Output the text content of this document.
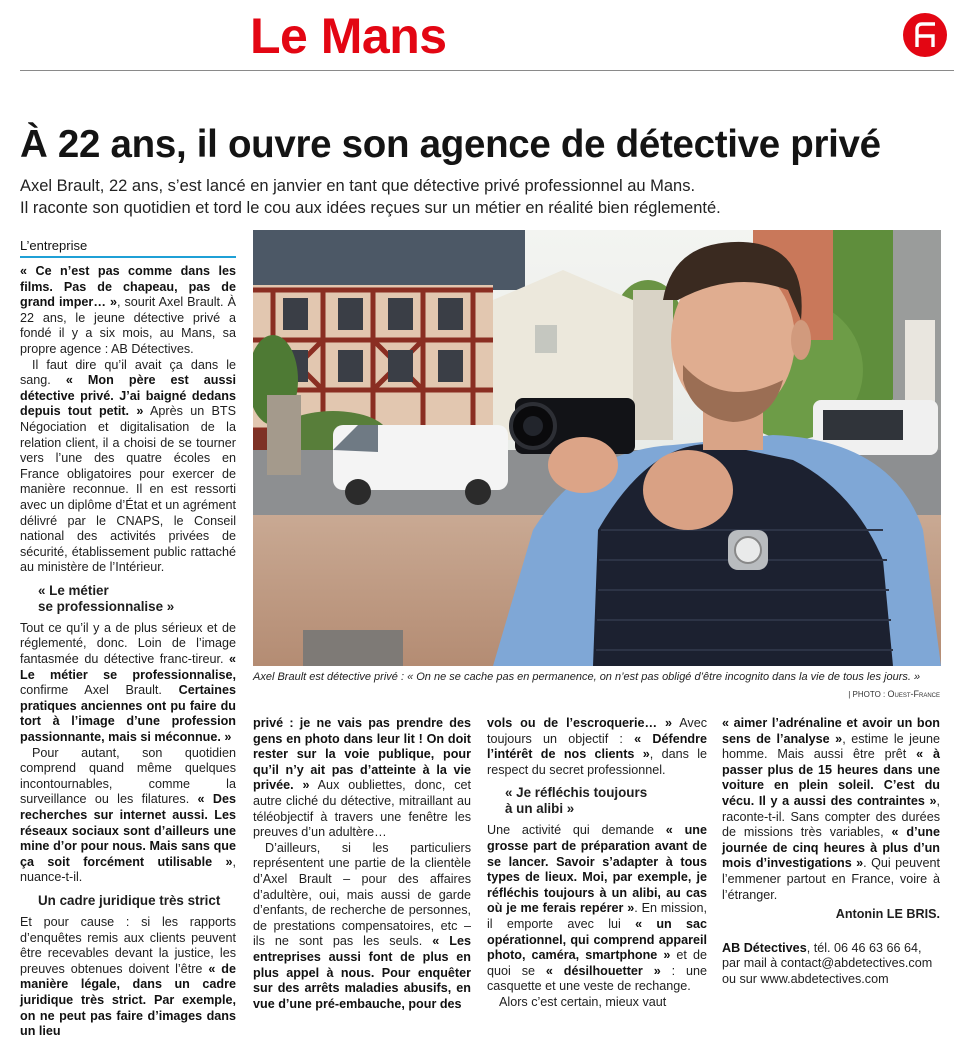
Le Mans
À 22 ans, il ouvre son agence de détective privé
Axel Brault, 22 ans, s’est lancé en janvier en tant que détective privé professionnel au Mans.
Il raconte son quotidien et tord le cou aux idées reçues sur un métier en réalité bien réglementé.
L’entreprise

« Ce n’est pas comme dans les films. Pas de chapeau, pas de grand imper… », sourit Axel Brault. À 22 ans, le jeune détective privé a fondé il y a six mois, au Mans, sa propre agence : AB Détectives.

Il faut dire qu’il avait ça dans le sang. « Mon père est aussi détective privé. J’ai baigné dedans depuis tout petit. » Après un BTS Négociation et digitalisation de la relation client, il a choisi de se tourner vers l’une des quatre écoles en France obligatoires pour exercer de manière reconnue. Il en est ressorti avec un diplôme d’État et un agrément délivré par le CNAPS, le Conseil national des activités privées de sécurité, établissement public rattaché au ministère de l’Intérieur.

« Le métier
se professionnalise »

Tout ce qu’il y a de plus sérieux et de réglementé, donc. Loin de l’image fantasmée du détective franc-tireur. « Le métier se professionnalise, confirme Axel Brault. Certaines pratiques anciennes ont pu faire du tort à l’image d’une profession passionnante, mais si méconnue. »

Pour autant, son quotidien comprend quand même quelques incontournables, comme la surveillance ou les filatures. « Des recherches sur internet aussi. Les réseaux sociaux sont d’ailleurs une mine d’or pour nous. Mais sans que ça soit forcément utilisable », nuance-t-il.

Un cadre juridique très strict

Et pour cause : si les rapports d’enquêtes remis aux clients peuvent être recevables devant la justice, les preuves obtenues doivent l’être « de manière légale, dans un cadre juridique très strict. Par exemple, on ne peut pas faire d’images dans un lieu

Axel Brault est détective privé : « On ne se cache pas en permanence, on n’est pas obligé d’être incognito dans la vie de tous les jours. »
| PHOTO : Ouest-France

privé : je ne vais pas prendre des gens en photo dans leur lit ! On doit rester sur la voie publique, pour qu’il n’y ait pas d’atteinte à la vie privée. » Aux oubliettes, donc, cet autre cliché du détective, mitraillant au téléobjectif à travers une fenêtre les preuves d’un adultère…

D’ailleurs, si les particuliers représentent une partie de la clientèle d’Axel Brault – pour des affaires d’adultère, oui, mais aussi de garde d’enfants, de recherche de personnes, de prestations compensatoires, etc – ils ne sont pas les seuls. « Les entreprises aussi font de plus en plus appel à nous. Pour enquêter sur des arrêts maladies abusifs, en vue d’une pré-embauche, pour des

vols ou de l’escroquerie… » Avec toujours un objectif : « Défendre l’intérêt de nos clients », dans le respect du secret professionnel.

« Je réfléchis toujours
à un alibi »

Une activité qui demande « une grosse part de préparation avant de se lancer. Savoir s’adapter à tous types de lieux. Moi, par exemple, je réfléchis toujours à un alibi, au cas où je me ferais repérer ». En mission, il emporte avec lui « un sac opérationnel, qui comprend appareil photo, caméra, smartphone » et de quoi se « désilhouetter » : une casquette et une veste de rechange.

Alors c’est certain, mieux vaut

« aimer l’adrénaline et avoir un bon sens de l’analyse », estime le jeune homme. Mais aussi être prêt « à passer plus de 15 heures dans une voiture en plein soleil. C’est du vécu. Il y a aussi des contraintes », raconte-t-il. Sans compter des durées de missions très variables, « d’une journée de cinq heures à plus d’un mois d’investigations ». Qui peuvent l’emmener partout en France, voire à l’étranger.

Antonin LE BRIS.

AB Détectives, tél. 06 46 63 66 64, par mail à contact@abdetectives.com ou sur www.abdetectives.com
